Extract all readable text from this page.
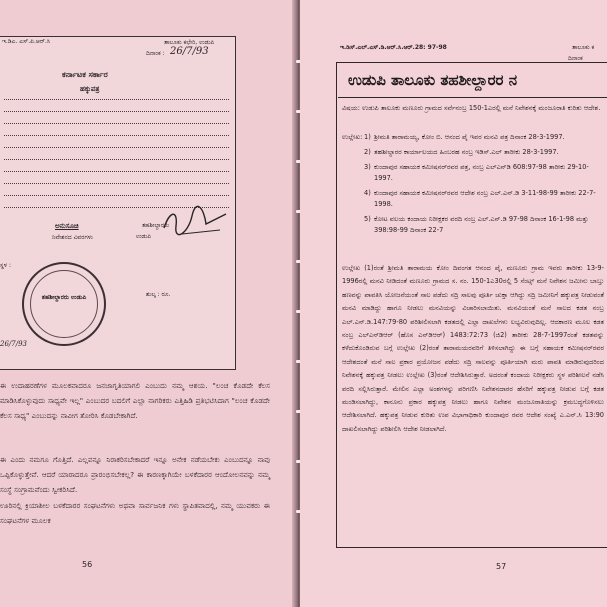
ಇ.ಡಿಎ. ಎಸ್.ಪಿ.ಆರ್.ಸಿ	ತಾಲೂಕು ಕಛೇರಿ, ಉಡುಪಿ
ದಿನಾಂಕ : 26/7/93
ಕರ್ನಾಟಕ ಸರ್ಕಾರ
ಹಕ್ಕುಪತ್ರ
ಅನುಸೂಚಿ
ನಿವೇಶನದ ವಿವರಗಳು
ತಹಶೀಲ್ದಾರರು
ಉಡುಪಿ
ಸ್ಥಳ :
ಶುಲ್ಕ : ರೂ.
ತಹಶೀಲ್ದಾರರು ಉಡುಪಿ
26/7/93
ಈ ಉದಾಹರಣೆಗಳ ಮೂಲಕವಾದರೂ ಜನಜಾಗೃತಿಯಾಗಲಿ ಎಂಬುದು ನಮ್ಮ ಆಶಯ. "ಲಂಚ ಕೊಡದೇ ಕೆಲಸ ಮಾಡಿಸಿಕೊಳ್ಳುವುದು ಸಾಧ್ಯವೇ ಇಲ್ಲ" ಎಂಬುದರ ಬದಲಿಗೆ ಎಲ್ಲಾ ನಾಗರಿಕರು ಎತ್ತಿಹಿಡಿ ಪ್ರತಿಭಟಿಸಿದಾಗ "ಲಂಚ ಕೊಡದೇ ಕೆಲಸ ಸಾಧ್ಯ" ಎಂಬುದನ್ನು ನಾವೀಗ ತೋರಿಸಿ ಕೊಡಬೇಕಾಗಿದೆ.
ಈ ಎಂದು ನಮಗೂ ಗೊತ್ತಿದೆ. ಎಲ್ಲವನ್ನೂ ನಿರಾಕರಿಸಬೇಕಾದರೆ ಇನ್ನೂ ಅನೇಕ ನಡೆಯಬೇಕು ಎಂಬುದನ್ನೂ ನಾವು ಒಪ್ಪಿಕೊಳ್ಳುತ್ತೇವೆ. ಆದರೆ ಯಾರಾದರೂ ಪ್ರಾರಂಭಿಸಬೇಕಲ್ಲ? ಈ ಕಾರಣಕ್ಕಾಗಿಯೇ ಬಳಕೆದಾರರ ಆಂದೋಲನವನ್ನು ನಮ್ಮ ಸಂಸ್ಥೆ ಸಂಗ್ರಾಮವೆಂದು ಸ್ವೀಕರಿಸಿದೆ.
ಊರಿನಲ್ಲಿ ಕ್ರಿಯಾಶೀಲ ಬಳಕೆದಾರರ ಸಂಘಟನೆಗಳು ಅಥವಾ ಸಾರ್ವಜನಿಕ ಗಳು ಸ್ಥಾಪಿತವಾದಲ್ಲಿ, ನಮ್ಮ ಯುವಕರು ಈ ಸಂಘಟನೆಗಳ ಮೂಲಕ
56
ಇ.ಡಿಸ್.ಎಲ್.ಎಸ್.ಡಿ.ಆರ್.ಸಿ.ಆರ್.28: 97-98	ತಾಲೂಕು ಕ
ದಿನಾಂಕ
ಉಡುಪಿ ತಾಲೂಕು ತಹಶೀಲ್ದಾರರ ನ
ವಿಷಯ: ಉಡುಪಿ ತಾಲೂಕು ಮಣೂರು ಗ್ರಾಮದ ಸರ್ವೆನಂಬ್ರ 150-1ಎರಲ್ಲಿ ಮನೆ ನಿವೇಶನಕ್ಕೆ ಮಂಜೂರಾತಿ ಕುರಿತು ಆದೇಶ.
ಉಲ್ಲೇಖ: 1) ಶ್ರೀಮತಿ ತಾರಾಮಯ್ಯ, ಕೋಂ ಬಿ. ಆನಂದ ಪೈ ಇವರ ಮನವಿ ಪತ್ರ ದಿನಾಂಕ 28-3-1997.
2) ತಹಶೀಲ್ದಾರರ ಕಾರ್ಯಾಲಯದ ಹಿಂಬರಹ ನಂಬ್ರ ಇಡಿಸ್.ಎಲ್ ತಾರೀಕು 28-3-1997.
3) ಕುಂದಾಪುರ ಸಹಾಯಕ ಕಮೀಷನರ್‌ರವರ ಪತ್ರ, ನಂಬ್ರ ಎಲ್‌ಎನ್‌ಡಿ 608:97-98 ತಾರೀಕು 29-10-1997.
4) ಕುಂದಾಪುರ ಸಹಾಯಕ ಕಮೀಷನರ್‌ರವರ ಆದೇಶ ನಂಬ್ರ ಎಲ್.ಎನ್‌.ಡಿ 3-11-98-99 ತಾರೀಕು 22-7-1998.
5) ಕೋಟ ವಲಯ ಕಂದಾಯ ನಿರೀಕ್ಷಕರ ವರದಿ ನಂಬ್ರ ಎಲ್.ಎನ್.ಡಿ 97-98 ದಿನಾಂಕ 16-1-98 ಮತ್ತು 398:98-99 ದಿನಾಂಕ 22-7
ಉಲ್ಲೇಖ (1)ರಂತೆ ಶ್ರೀಮತಿ ತಾರಾಮಯ ಕೋಂ ದಿವಂಗತ ಆನಂದ ಪೈ, ಮಣೂರು ಗ್ರಾಮ ಇವರು ತಾರೀಕು 13-9-1996ರಲ್ಲಿ ಮನವಿ ನೀಡಿದಂತೆ ಮಣೂರು ಗ್ರಾಮದ ಸ. ನಂ. 150-1ಎ30ರಲ್ಲಿ 5 ಸೆಂಟ್ಸ್ ಮನೆ ನಿವೇಶನ ಜಮೀನು ಬಾಬ್ತು ಹಣವನ್ನು ಪಾವತಿಸಿ ಯೋಜನೆಯಂತೆ ಸಾಲ ಪಡೆದು ಸದ್ರಿ ಸಾಲವು ಪೂರ್ತಿ ಚುಕ್ತಾ ಆಗಿದ್ದು ಸದ್ರಿ ಜಮೀನಿಗೆ ಹಕ್ಕುಪತ್ರ ನೀಡುವಂತೆ ಮನವಿ ಮಾಡಿದ್ದು ಹಾಗೂ ನೀಡಲು ಮನವಿಯನ್ನು ವಿಚಾರಿಸಲಾಯಿತು. ಮನವಿಯಂತೆ ಮನೆ ಸಾಲದ ಕಡತ ನಂಬ್ರ ಎಲ್.ಎನ್.ಡಿ.147:79-80 ಪರಿಶೀಲಿಸಲಾಗಿ ಕಡತದಲ್ಲಿ ಎಲ್ಲಾ ದಾಖಲೆಗಳು ಲಭ್ಯವಿರುವುದಿಲ್ಲ. ಆದಕಾರಣ ಮೂಲ ಕಡತ ನಂಬ್ರ ಎಲ್‌ಎನ್‌ಡಿಆರ್ (ಹೊಸ ಎನ್‌ಡಿಆರ್) 1483:72:73 (ಜಿ2) ತಾರೀಕು 28-7-1997ರಂತೆ ಕಡತವನ್ನು ಕಳೆದುಕೊಂಡಿರುವ ಬಗ್ಗೆ ಉಲ್ಲೇಖ (2)ರಂತೆ ತಾರಾಮಯರವರಿಗೆ ತಿಳಿಸಲಾಗಿದ್ದು ಈ ಬಗ್ಗೆ ಸಹಾಯಕ ಕಮೀಷನರ್‌ರವರ ಆದೇಶದಂತೆ ಮನೆ ಸಾಲ ಪ್ರಕಾರ ಪ್ರಯೋಜನ ಪಡೆದು ಸದ್ರಿ ಸಾಲವನ್ನು ಪೂರ್ತಿಯಾಗಿ ಮರು ಪಾವತಿ ಮಾಡಿರುವುದರಿಂದ ನಿವೇಶನಕ್ಕೆ ಹಕ್ಕುಪತ್ರ ನೀಡಲು ಉಲ್ಲೇಖ (3)ರಂತೆ ಆದೇಶಿಸಿರುತ್ತಾರೆ. ಅದರಂತೆ ಕಂದಾಯ ನಿರೀಕ್ಷಕರು ಸ್ಥಳ ಪರಿಶೀಲನೆ ನಡೆಸಿ ವರದಿ ಸಲ್ಲಿಸಿರುತ್ತಾರೆ. ಮೇಲಿನ ಎಲ್ಲಾ ಅಂಶಗಳನ್ನು ಪರಿಗಣಿಸಿ ನಿವೇಶನದಾರರ ಹೆಸರಿಗೆ ಹಕ್ಕುಪತ್ರ ನೀಡುವ ಬಗ್ಗೆ ಕಡತ ಮಂಡಿಸಲಾಗಿದ್ದು, ಕಾನೂನು ಪ್ರಕಾರ ಹಕ್ಕುಪತ್ರ ನೀಡಲು ಹಾಗೂ ನಿವೇಶನ ಮಂಜೂರಾತಿಯನ್ನು ಕ್ರಮಬದ್ಧಗೊಳಿಸಲು ಆದೇಶಿಸಲಾಗಿದೆ. ಹಕ್ಕುಪತ್ರ ನೀಡುವ ಕುರಿತು ಉಪ ವಿಭಾಗಾಧಿಕಾರಿ ಕುಂದಾಪುರ ರವರ ಆದೇಶ ಸಂಖ್ಯೆ ಎ.ಎನ್.ಸಿ 13:90 ದಾಖಲಿಸಲಾಗಿದ್ದು ಪರಿಶೀಲಿಸಿ ಆದೇಶ ನೀಡಲಾಗಿದೆ.
57
